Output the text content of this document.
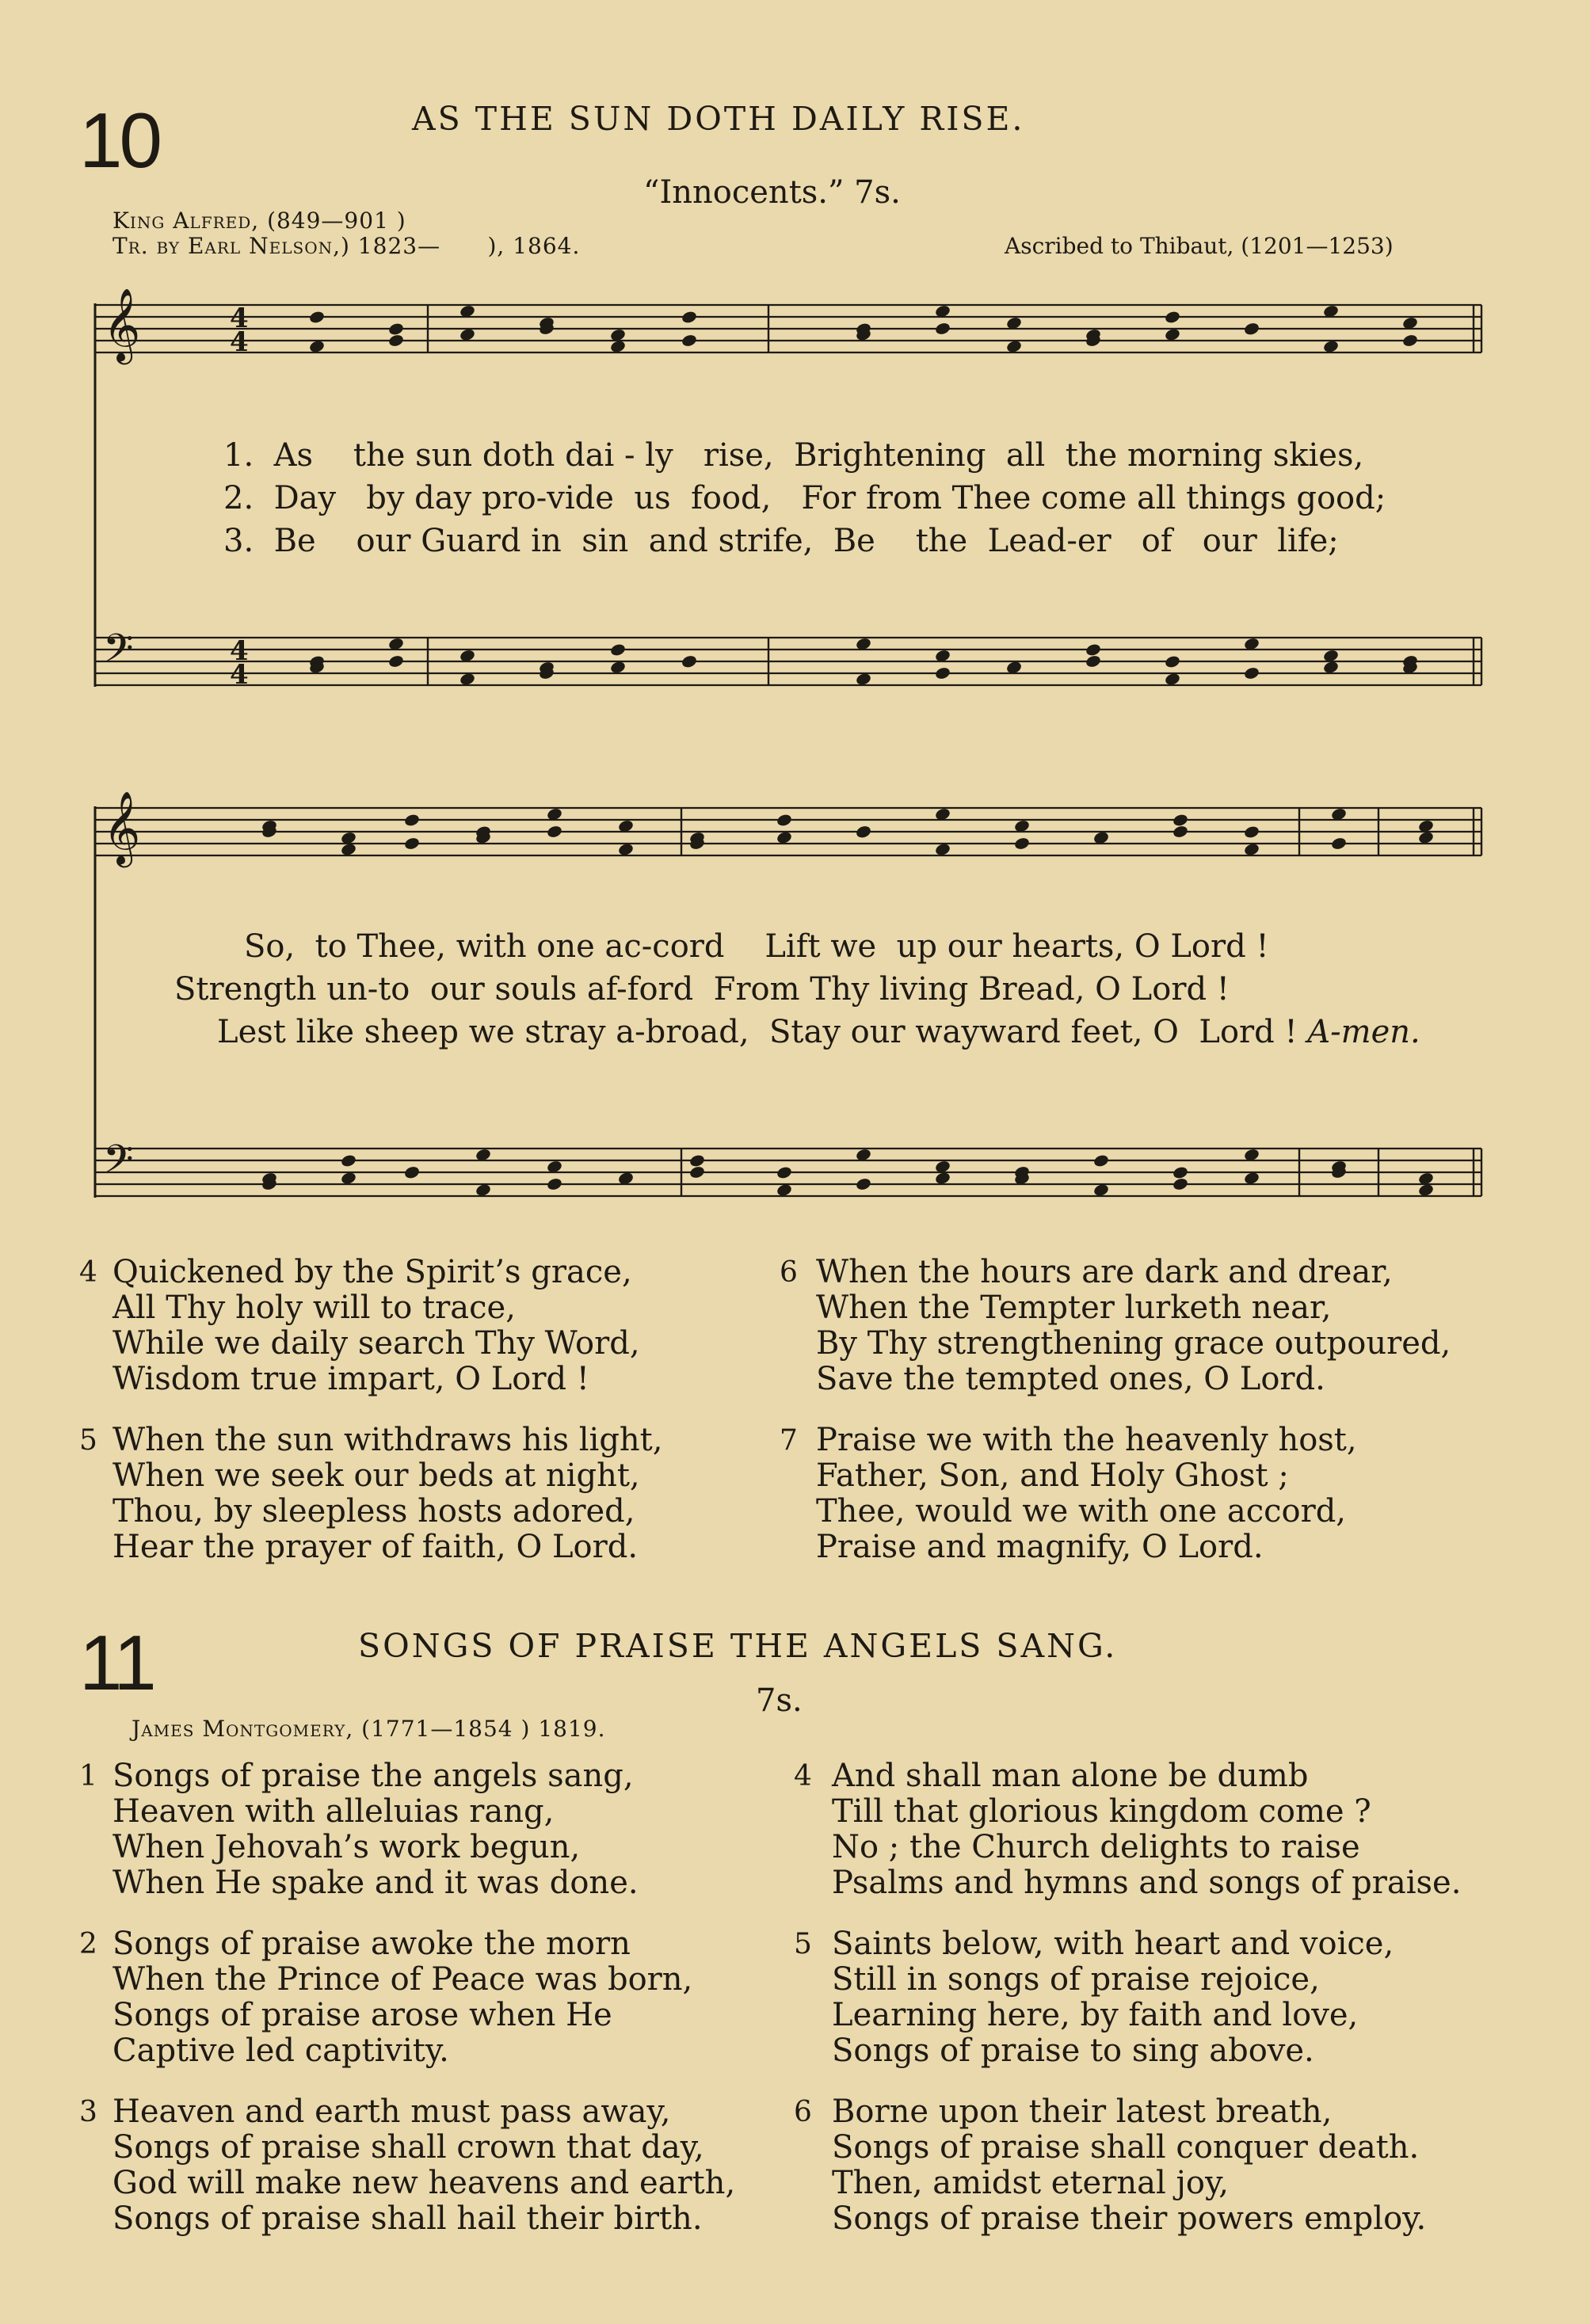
10	AS THE SUN DOTH DAILY RISE.
“Innocents.” 7s.
King Alfred, (849—901 )
Tr. by Earl Nelson,) 1823—      ), 1864.	Ascribed to Thibaut, (1201—1253)
𝄞
𝄢
4
4
4
4
𝄞
𝄢
1.  As    the sun doth dai - ly   rise,  Brightening  all  the morning skies,
2.  Day   by day pro-vide  us  food,   For from Thee come all things good;
3.  Be    our Guard in  sin  and strife,  Be    the  Lead-er   of   our  life;
So,  to Thee, with one ac-cord    Lift we  up our hearts, O Lord !
Strength un-to  our souls af-ford  From Thy living Bread, O Lord !
Lest like sheep we stray a-broad,  Stay our wayward feet, O  Lord ! A-men.
4 Quickened by the Spirit’s grace,
All Thy holy will to trace,
While we daily search Thy Word,
Wisdom true impart, O Lord !
6 When the hours are dark and drear,
When the Tempter lurketh near,
By Thy strengthening grace outpoured,
Save the tempted ones, O Lord.
5 When the sun withdraws his light,
When we seek our beds at night,
Thou, by sleepless hosts adored,
Hear the prayer of faith, O Lord.
7 Praise we with the heavenly host,
Father, Son, and Holy Ghost ;
Thee, would we with one accord,
Praise and magnify, O Lord.
11	SONGS OF PRAISE THE ANGELS SANG.
7s.
James Montgomery, (1771—1854 ) 1819.
1 Songs of praise the angels sang,
Heaven with alleluias rang,
When Jehovah’s work begun,
When He spake and it was done.
4 And shall man alone be dumb
Till that glorious kingdom come ?
No ; the Church delights to raise
Psalms and hymns and songs of praise.
2 Songs of praise awoke the morn
When the Prince of Peace was born,
Songs of praise arose when He
Captive led captivity.
5 Saints below, with heart and voice,
Still in songs of praise rejoice,
Learning here, by faith and love,
Songs of praise to sing above.
3 Heaven and earth must pass away,
Songs of praise shall crown that day,
God will make new heavens and earth,
Songs of praise shall hail their birth.
6 Borne upon their latest breath,
Songs of praise shall conquer death.
Then, amidst eternal joy,
Songs of praise their powers employ.
